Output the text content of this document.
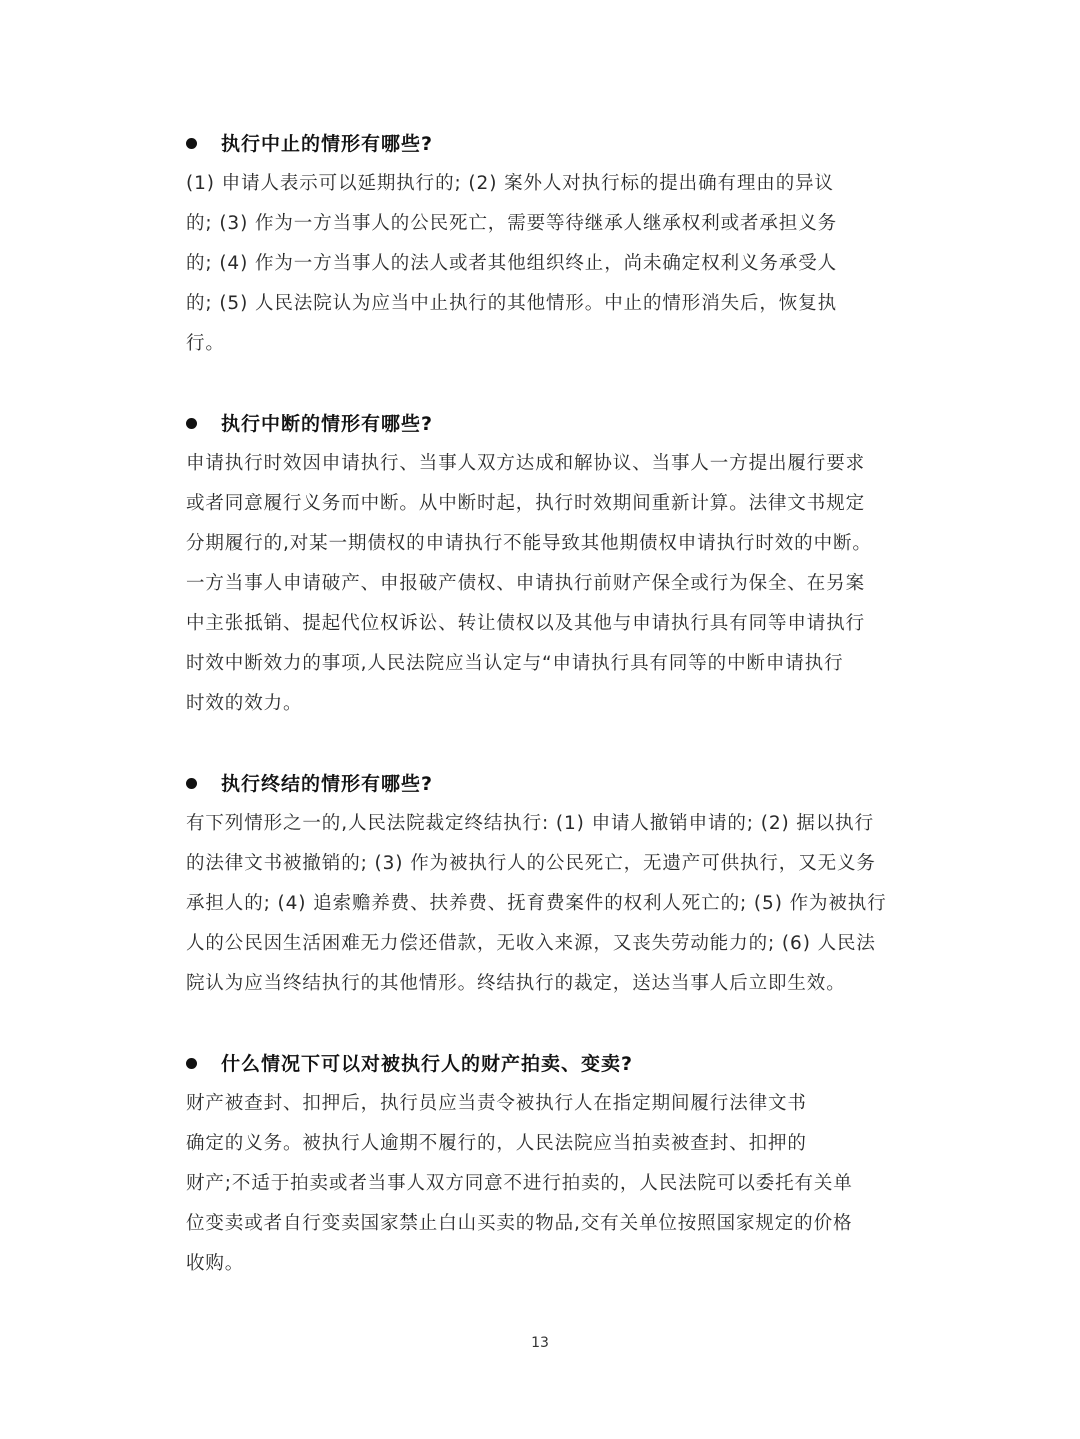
执行中止的情形有哪些?
(1) 申请人表示可以延期执行的; (2) 案外人对执行标的提出确有理由的异议
的; (3) 作为一方当事人的公民死亡，需要等待继承人继承权利或者承担义务
的; (4) 作为一方当事人的法人或者其他组织终止，尚未确定权利义务承受人
的; (5) 人民法院认为应当中止执行的其他情形。中止的情形消失后，恢复执
行。
执行中断的情形有哪些?
申请执行时效因申请执行、当事人双方达成和解协议、当事人一方提出履行要求
或者同意履行义务而中断。从中断时起，执行时效期间重新计算。法律文书规定
分期履行的,对某一期债权的申请执行不能导致其他期债权申请执行时效的中断。
一方当事人申请破产、申报破产债权、申请执行前财产保全或行为保全、在另案
中主张抵销、提起代位权诉讼、转让债权以及其他与申请执行具有同等申请执行
时效中断效力的事项,人民法院应当认定与“申请执行具有同等的中断申请执行
时效的效力。
执行终结的情形有哪些?
有下列情形之一的,人民法院裁定终结执行: (1) 申请人撤销申请的; (2) 据以执行
的法律文书被撤销的; (3) 作为被执行人的公民死亡，无遗产可供执行，又无义务
承担人的; (4) 追索赡养费、扶养费、抚育费案件的权利人死亡的; (5) 作为被执行
人的公民因生活困难无力偿还借款，无收入来源，又丧失劳动能力的; (6) 人民法
院认为应当终结执行的其他情形。终结执行的裁定，送达当事人后立即生效。
什么情况下可以对被执行人的财产拍卖、变卖?
财产被查封、扣押后，执行员应当责令被执行人在指定期间履行法律文书
确定的义务。被执行人逾期不履行的，人民法院应当拍卖被查封、扣押的
财产;不适于拍卖或者当事人双方同意不进行拍卖的，人民法院可以委托有关单
位变卖或者自行变卖国家禁止白山买卖的物品,交有关单位按照国家规定的价格
收购。
13
